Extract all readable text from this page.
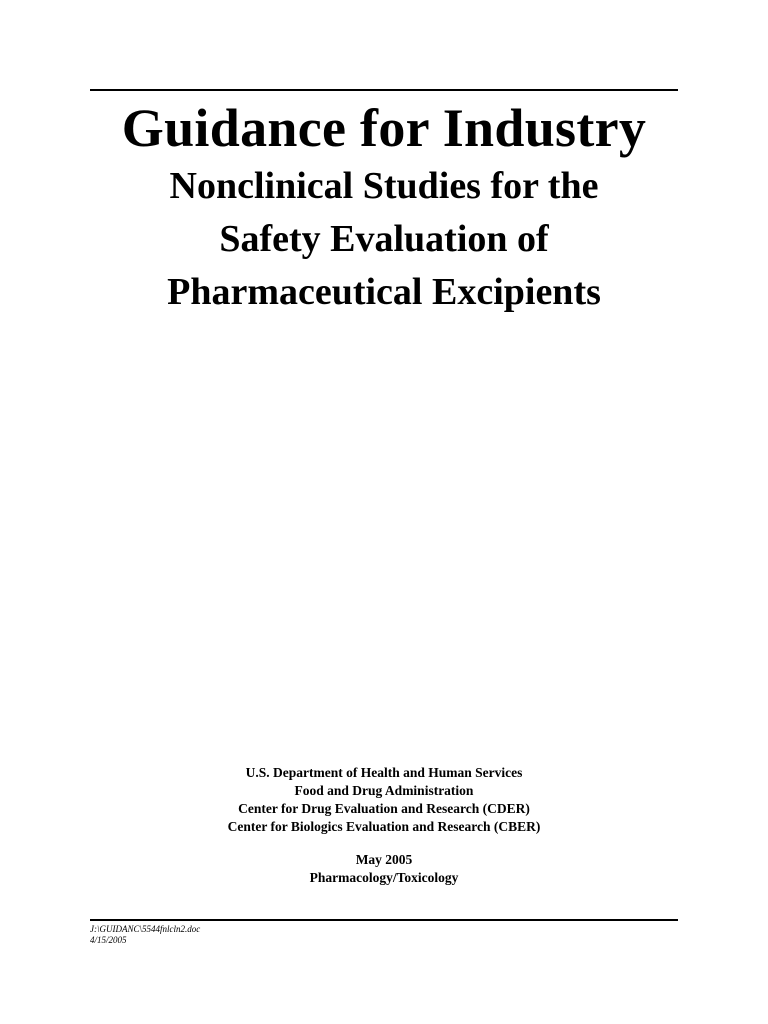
Guidance for Industry
Nonclinical Studies for the
Safety Evaluation of
Pharmaceutical Excipients
U.S. Department of Health and Human Services
Food and Drug Administration
Center for Drug Evaluation and Research (CDER)
Center for Biologics Evaluation and Research (CBER)
May 2005
Pharmacology/Toxicology
J:\GUIDANC\5544fnlcln2.doc
4/15/2005
